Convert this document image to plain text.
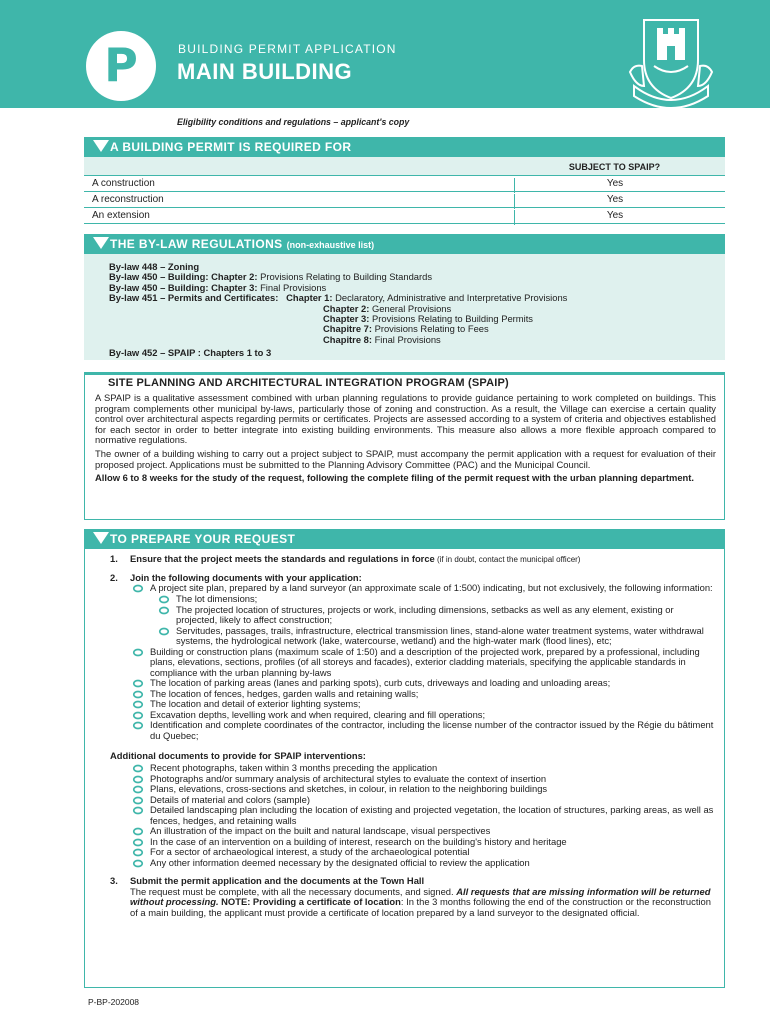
P	BUILDING PERMIT APPLICATION
MAIN BUILDING
Eligibility conditions and regulations – applicant's copy
A BUILDING PERMIT IS REQUIRED FOR
SUBJECT TO SPAIP?
A construction	Yes
A reconstruction	Yes
An extension	Yes
THE BY-LAW REGULATIONS (non-exhaustive list)
By-law 448 – Zoning
By-law 450 – Building: Chapter 2: Provisions Relating to Building Standards
By-law 450 – Building: Chapter 3: Final Provisions
By-law 451 – Permits and Certificates:   Chapter 1: Declaratory, Administrative and Interpretative Provisions
Chapter 2: General Provisions
Chapter 3: Provisions Relating to Building Permits
Chapitre 7: Provisions Relating to Fees
Chapitre 8: Final Provisions
By-law 452 – SPAIP : Chapters 1 to 3
SITE PLANNING AND ARCHITECTURAL INTEGRATION PROGRAM (SPAIP)

A SPAIP is a qualitative assessment combined with urban planning regulations to provide guidance pertaining to work completed on buildings. This program complements other municipal by-laws, particularly those of zoning and construction. As a result, the Village can exercise a certain quality control over architectural aspects regarding permits or certificates. Projects are assessed according to a system of criteria and objectives established for each sector in order to better integrate into existing building environments. This measure also allows a more flexible approach compared to normative regulations.

The owner of a building wishing to carry out a project subject to SPAIP, must accompany the permit application with a request for evaluation of their proposed project. Applications must be submitted to the Planning Advisory Committee (PAC) and the Municipal Council.

Allow 6 to 8 weeks for the study of the request, following the complete filing of the permit request with the urban planning department.

TO PREPARE YOUR REQUEST
1.	Ensure that the project meets the standards and regulations in force (if in doubt, contact the municipal officer)
2.	Join the following documents with your application:
A project site plan, prepared by a land surveyor (an approximate scale of 1:500) indicating, but not exclusively, the following information:
The lot dimensions;
The projected location of structures, projects or work, including dimensions, setbacks as well as any element, existing or projected, likely to affect construction;
Servitudes, passages, trails, infrastructure, electrical transmission lines, stand-alone water treatment systems, water withdrawal systems, the hydrological network (lake, watercourse, wetland) and the high-water mark (flood lines), etc;
Building or construction plans (maximum scale of 1:50) and a description of the projected work, prepared by a professional, including plans, elevations, sections, profiles (of all storeys and facades), exterior cladding materials, specifying the applicable standards in compliance with the urban planning by-laws
The location of parking areas (lanes and parking spots), curb cuts, driveways and loading and unloading areas;
The location of fences, hedges, garden walls and retaining walls;
The location and detail of exterior lighting systems;
Excavation depths, levelling work and when required, clearing and fill operations;
Identification and complete coordinates of the contractor, including the license number of the contractor issued by the Régie du bâtiment du Quebec;
Additional documents to provide for SPAIP interventions:
Recent photographs, taken within 3 months preceding the application
Photographs and/or summary analysis of architectural styles to evaluate the context of insertion
Plans, elevations, cross-sections and sketches, in colour, in relation to the neighboring buildings
Details of material and colors (sample)
Detailed landscaping plan including the location of existing and projected vegetation, the location of structures, parking areas, as well as fences, hedges, and retaining walls
An illustration of the impact on the built and natural landscape, visual perspectives
In the case of an intervention on a building of interest, research on the building's history and heritage
For a sector of archaeological interest, a study of the archaeological potential
Any other information deemed necessary by the designated official to review the application
3.	Submit the permit application and the documents at the Town Hall
The request must be complete, with all the necessary documents, and signed. All requests that are missing information will be returned without processing. NOTE: Providing a certificate of location: In the 3 months following the end of the construction or the reconstruction of a main building, the applicant must provide a certificate of location prepared by a land surveyor to the designated official.
P-BP-202008
